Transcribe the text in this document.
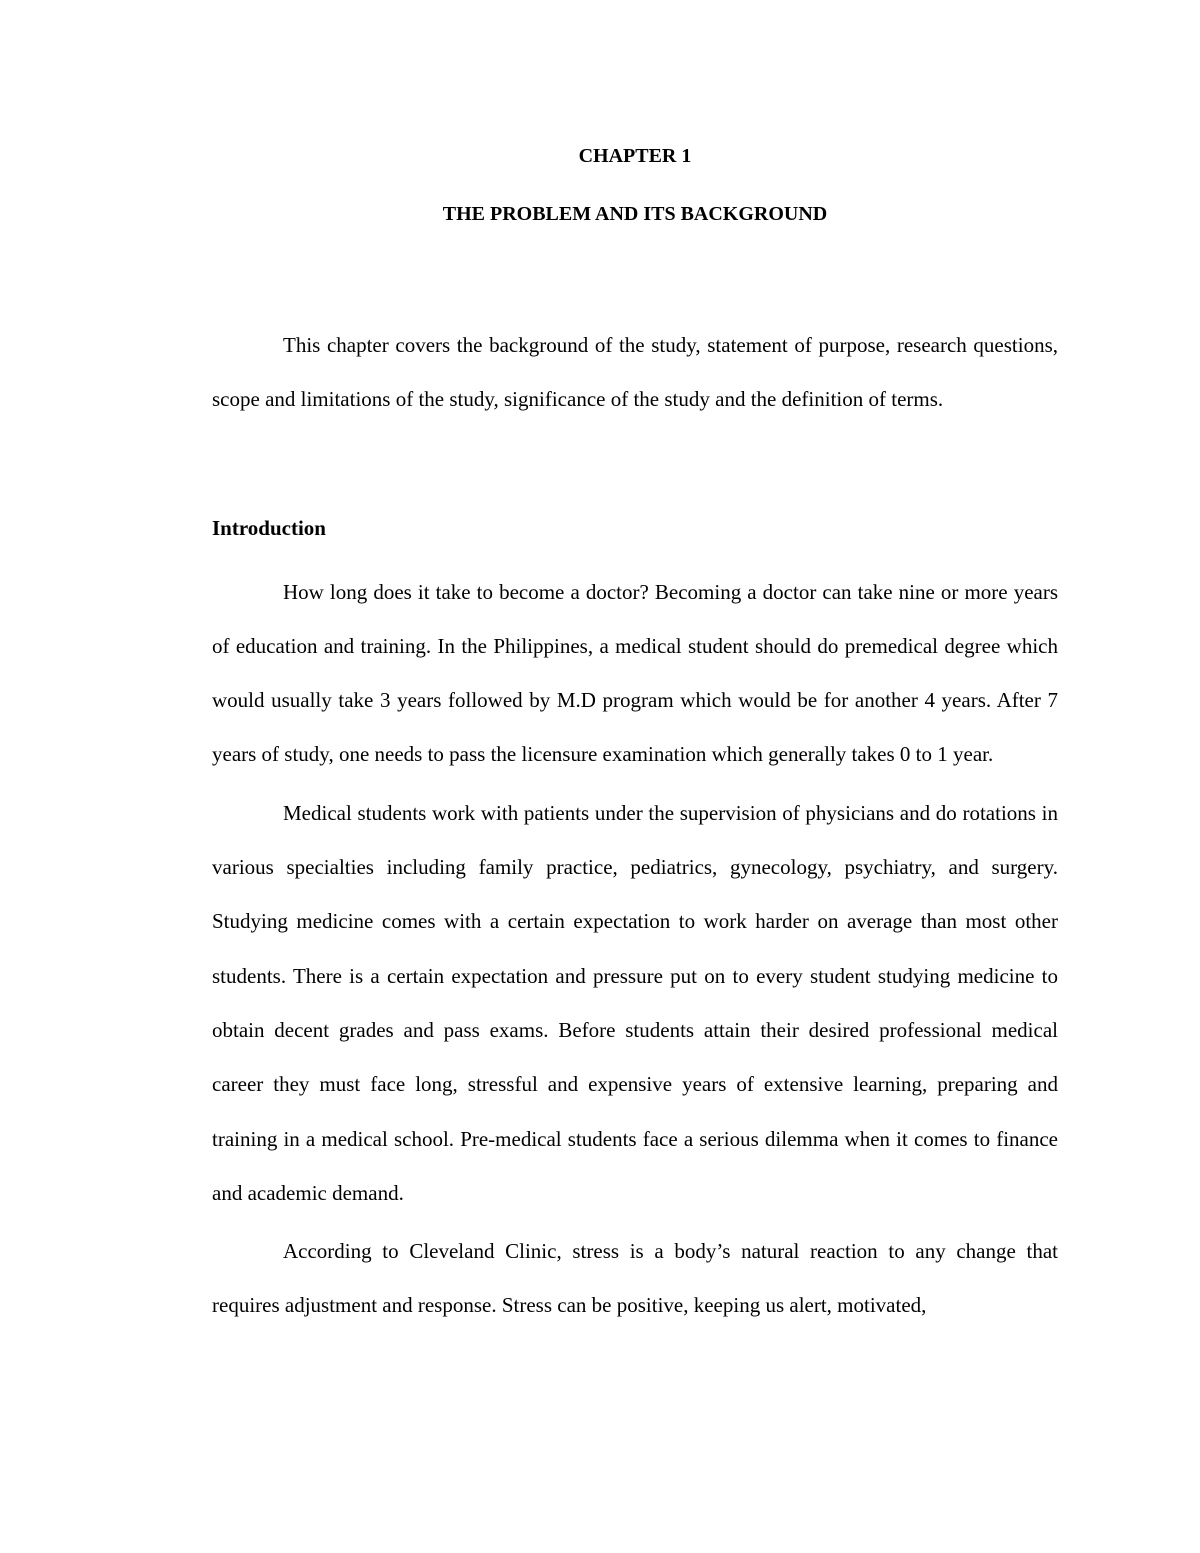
CHAPTER 1

THE PROBLEM AND ITS BACKGROUND

This chapter covers the background of the study, statement of purpose, research questions, scope and limitations of the study, significance of the study and the definition of terms.

Introduction

How long does it take to become a doctor? Becoming a doctor can take nine or more years of education and training. In the Philippines, a medical student should do premedical degree which would usually take 3 years followed by M.D program which would be for another 4 years. After 7 years of study, one needs to pass the licensure examination which generally takes 0 to 1 year.

Medical students work with patients under the supervision of physicians and do rotations in various specialties including family practice, pediatrics, gynecology, psychiatry, and surgery. Studying medicine comes with a certain expectation to work harder on average than most other students. There is a certain expectation and pressure put on to every student studying medicine to obtain decent grades and pass exams. Before students attain their desired professional medical career they must face long, stressful and expensive years of extensive learning, preparing and training in a medical school. Pre-medical students face a serious dilemma when it comes to finance and academic demand.

According to Cleveland Clinic, stress is a body’s natural reaction to any change that requires adjustment and response. Stress can be positive, keeping us alert, motivated,
